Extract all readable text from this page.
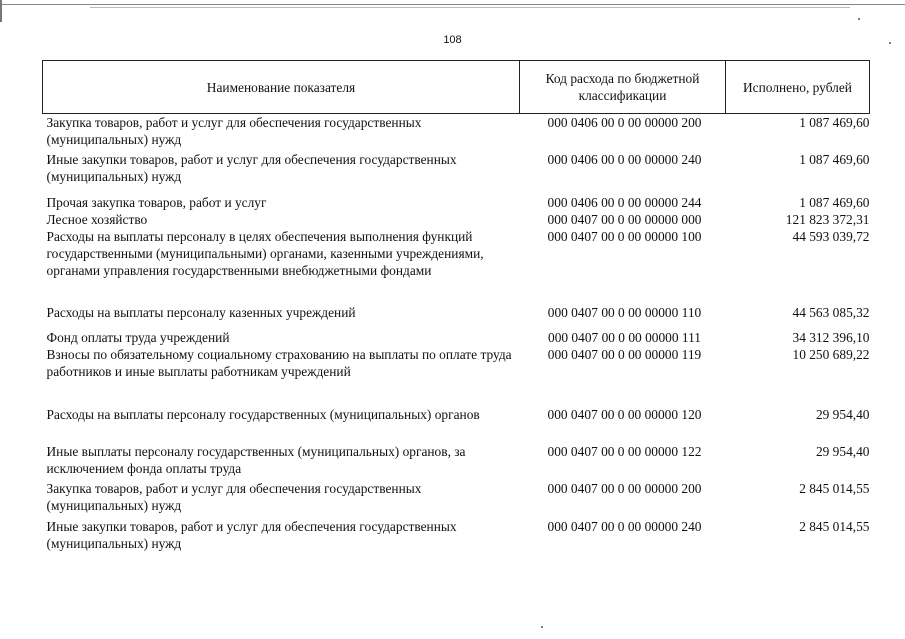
108
Наименование показателя	Код расхода по бюджетной классификации	Исполнено, рублей
Закупка товаров, работ и услуг для обеспечения государственных (муниципальных) нужд	000 0406 00 0 00 00000 200	1 087 469,60
Иные закупки товаров, работ и услуг для обеспечения государственных (муниципальных) нужд	000 0406 00 0 00 00000 240	1 087 469,60
Прочая закупка товаров, работ и услуг	000 0406 00 0 00 00000 244	1 087 469,60
Лесное хозяйство	000 0407 00 0 00 00000 000	121 823 372,31
Расходы на выплаты персоналу в целях обеспечения выполнения функций государственными (муниципальными) органами, казенными учреждениями, органами управления государственными внебюджетными фондами	000 0407 00 0 00 00000 100	44 593 039,72
Расходы на выплаты персоналу казенных учреждений	000 0407 00 0 00 00000 110	44 563 085,32
Фонд оплаты труда учреждений	000 0407 00 0 00 00000 111	34 312 396,10
Взносы по обязательному социальному страхованию на выплаты по оплате труда работников и иные выплаты работникам учреждений	000 0407 00 0 00 00000 119	10 250 689,22
Расходы на выплаты персоналу государственных (муниципальных) органов	000 0407 00 0 00 00000 120	29 954,40
Иные выплаты персоналу государственных (муниципальных) органов, за исключением фонда оплаты труда	000 0407 00 0 00 00000 122	29 954,40
Закупка товаров, работ и услуг для обеспечения государственных (муниципальных) нужд	000 0407 00 0 00 00000 200	2 845 014,55
Иные закупки товаров, работ и услуг для обеспечения государственных (муниципальных) нужд	000 0407 00 0 00 00000 240	2 845 014,55
